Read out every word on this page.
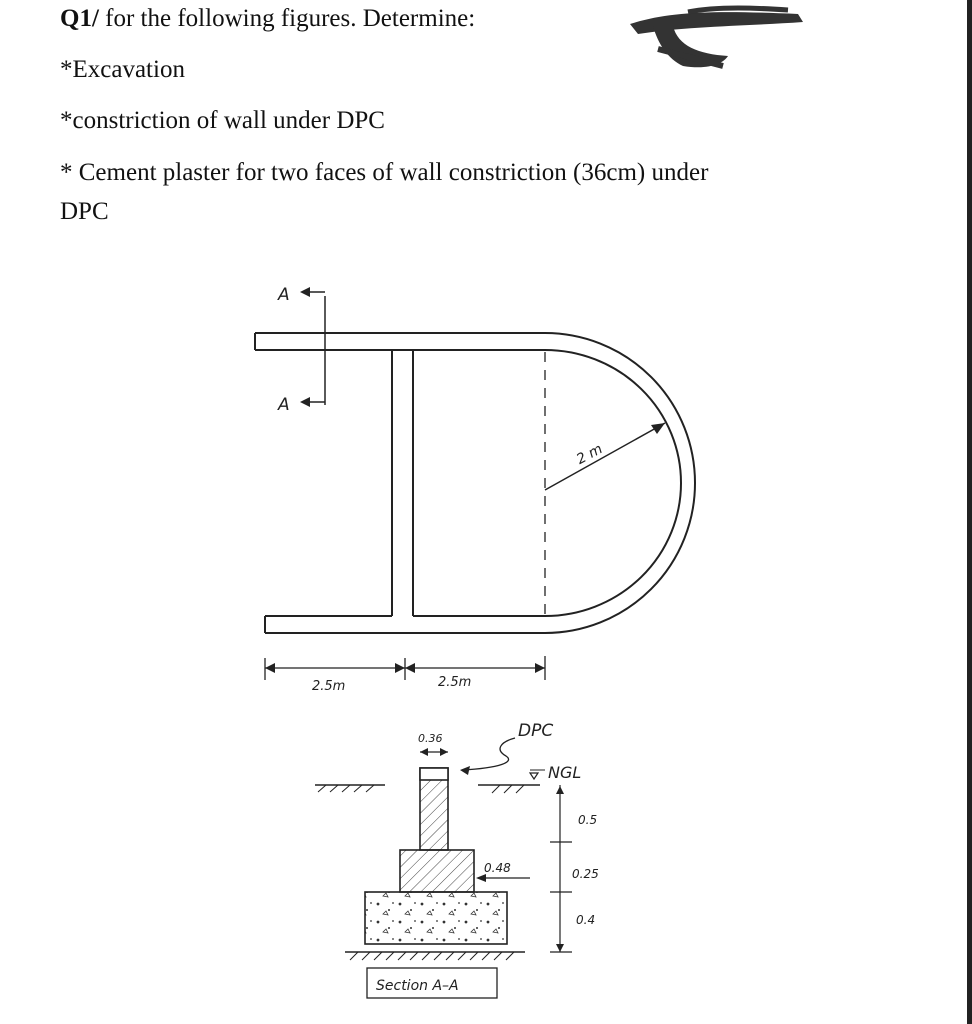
Q1/ for the following figures. Determine:
*Excavation
*constriction of wall under DPC
* Cement plaster for two faces of wall constriction (36cm) under
DPC
A
A
2 m
2.5m	2.5m
0.36	DPC
NGL
0.48
0.5
0.25
0.4
Section A–A
